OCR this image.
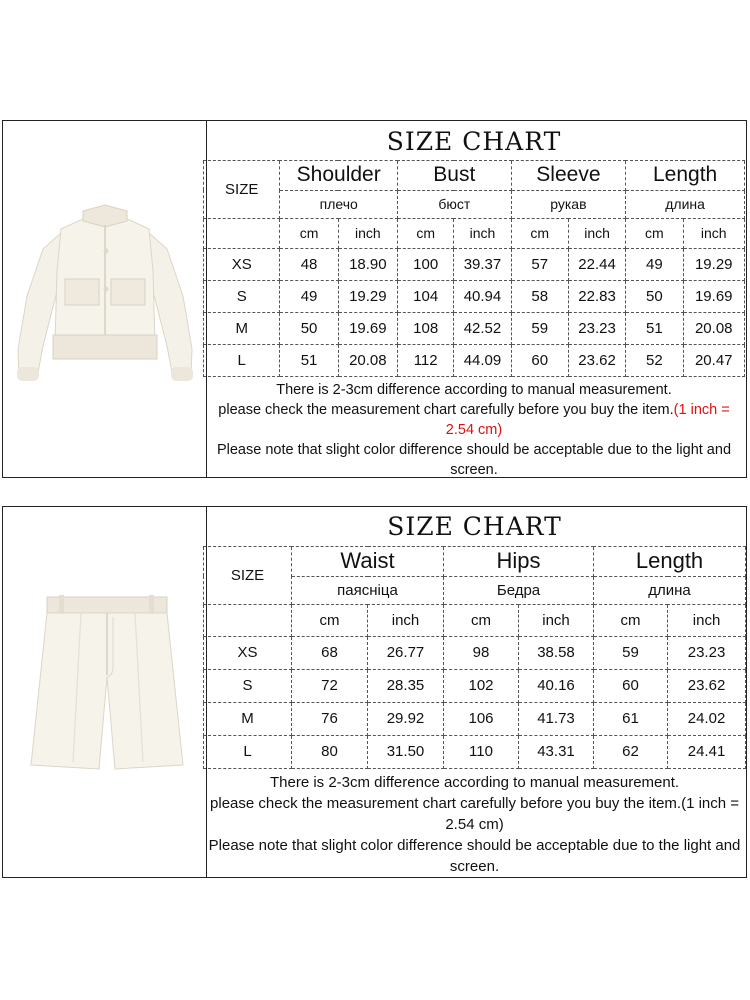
SIZE CHART								
SIZE	Shoulder		Bust		Sleeve		Length	
	плечо		бюст		рукав		длина	
	cm	inch	cm	inch	cm	inch	cm	inch
XS	48	18.90	100	39.37	57	22.44	49	19.29
S	49	19.29	104	40.94	58	22.83	50	19.69
M	50	19.69	108	42.52	59	23.23	51	20.08
L	51	20.08	112	44.09	60	23.62	52	20.47
There is 2-3cm difference according to manual measurement.
please check the measurement chart carefully before you buy the item.(1 inch = 2.54 cm)
Please note that slight color difference should be acceptable due to the light and screen.								
SIZE CHART						
SIZE	Waist		Hips		Length	
	паясніца		Бедра		длина	
	cm	inch	cm	inch	cm	inch
XS	68	26.77	98	38.58	59	23.23
S	72	28.35	102	40.16	60	23.62
M	76	29.92	106	41.73	61	24.02
L	80	31.50	110	43.31	62	24.41
There is 2-3cm difference according to manual measurement.
please check the measurement chart carefully before you buy the item.(1 inch = 2.54 cm)
Please note that slight color difference should be acceptable due to the light and screen.						
